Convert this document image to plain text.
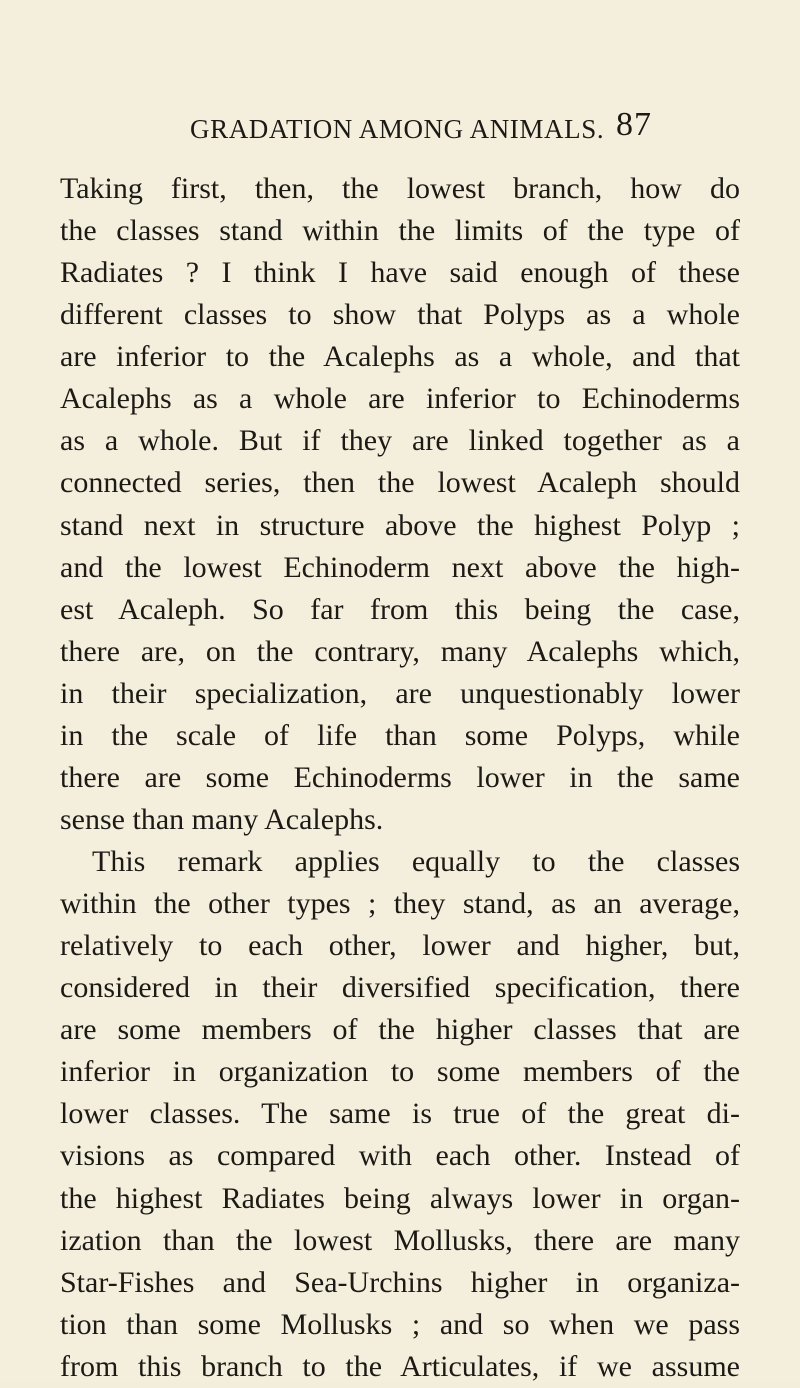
GRADATION AMONG ANIMALS. 87
Taking first, then, the lowest branch, how do
the classes stand within the limits of the type of
Radiates ? I think I have said enough of these
different classes to show that Polyps as a whole
are inferior to the Acalephs as a whole, and that
Acalephs as a whole are inferior to Echinoderms
as a whole. But if they are linked together as a
connected series, then the lowest Acaleph should
stand next in structure above the highest Polyp ;
and the lowest Echinoderm next above the high-
est Acaleph. So far from this being the case,
there are, on the contrary, many Acalephs which,
in their specialization, are unquestionably lower
in the scale of life than some Polyps, while
there are some Echinoderms lower in the same
sense than many Acalephs.
This remark applies equally to the classes
within the other types ; they stand, as an average,
relatively to each other, lower and higher, but,
considered in their diversified specification, there
are some members of the higher classes that are
inferior in organization to some members of the
lower classes. The same is true of the great di-
visions as compared with each other. Instead of
the highest Radiates being always lower in organ-
ization than the lowest Mollusks, there are many
Star-Fishes and Sea-Urchins higher in organiza-
tion than some Mollusks ; and so when we pass
from this branch to the Articulates, if we assume
